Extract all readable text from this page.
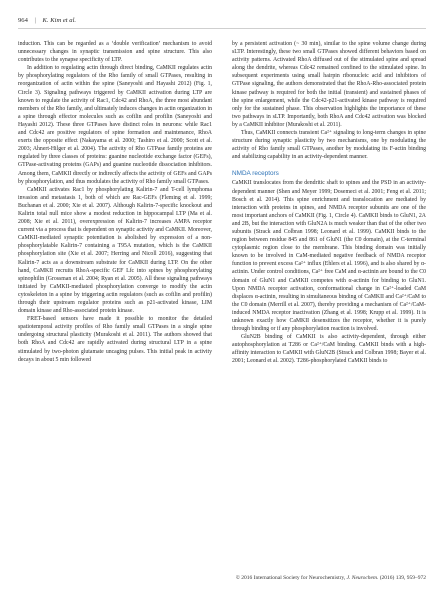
964 | K. Kim et al.

induction. This can be regarded as a ‘double verification’ mechanism to avoid unnecessary changes in synaptic transmission and spine structure. This also contributes to the synapse specificity of LTP.

In addition to regulating actin through direct binding, CaMKII regulates actin by phosphorylating regulators of the Rho family of small GTPases, resulting in reorganization of actin within the spine (Saneyoshi and Hayashi 2012) (Fig. 1, Circle 3). Signaling pathways triggered by CaMKII activation during LTP are known to regulate the activity of Rac1, Cdc42 and RhoA, the three most abundant members of the Rho family, and ultimately induces changes in actin organization in a spine through effector molecules such as cofilin and profilin (Saneyoshi and Hayashi 2012). These three GTPases have distinct roles in neurons: while Rac1 and Cdc42 are positive regulators of spine formation and maintenance, RhoA exerts the opposite effect (Nakayama et al. 2000; Tashiro et al. 2000; Scott et al. 2003; Ahnert-Hilger et al. 2004). The activity of Rho GTPase family proteins are regulated by three classes of proteins: guanine nucleotide exchange factor (GEFs), GTPase-activating proteins (GAPs) and guanine nucleotide dissociation inhibitors. Among them, CaMKII directly or indirectly affects the activity of GEFs and GAPs by phosphorylation, and thus modulates the activity of Rho family small GTPases.

CaMKII activates Rac1 by phosphorylating Kalirin-7 and T-cell lymphoma invasion and metastasis 1, both of which are Rac-GEFs (Fleming et al. 1999; Buchanan et al. 2000; Xie et al. 2007). Although Kalirin-7-specific knockout and Kalirin total null mice show a modest reduction in hippocampal LTP (Ma et al. 2008; Xie et al. 2011), overexpression of Kalirin-7 increases AMPA receptor current via a process that is dependent on synaptic activity and CaMKII. Moreover, CaMKII-mediated synaptic potentiation is abolished by expression of a non-phosphorylatable Kalirin-7 containing a T95A mutation, which is the CaMKII phosphorylation site (Xie et al. 2007; Herring and Nicoll 2016), suggesting that Kalirin-7 acts as a downstream substrate for CaMKII during LTP. On the other hand, CaMKII recruits RhoA-specific GEF Lfc into spines by phosphorylating spinophilin (Grossman et al. 2004; Ryan et al. 2005). All these signaling pathways initiated by CaMKII-mediated phosphorylation converge to modify the actin cytoskeleton in a spine by triggering actin regulators (such as cofilin and profilin) through their upstream regulator proteins such as p21-activated kinase, LIM domain kinase and Rho-associated protein kinase.

FRET-based sensors have made it possible to monitor the detailed spatiotemporal activity profiles of Rho family small GTPases in a single spine undergoing structural plasticity (Murakoshi et al. 2011). The authors showed that both RhoA and Cdc42 are rapidly activated during structural LTP in a spine stimulated by two-photon glutamate uncaging pulses. This initial peak in activity decays in about 5 min followed

by a persistent activation (~ 30 min), similar to the spine volume change during sLTP. Interestingly, these two small GTPases showed different behaviors based on activity patterns. Activated RhoA diffused out of the stimulated spine and spread along the dendrite, whereas Cdc42 remained confined to the stimulated spine. In subsequent experiments using small hairpin ribonucleic acid and inhibitors of GTPase signaling, the authors demonstrated that the RhoA-Rho-associated protein kinase pathway is required for both the initial (transient) and sustained phases of the spine enlargement, while the Cdc42-p21-activated kinase pathway is required only for the sustained phase. This observation highlights the importance of these two pathways in sLTP. Importantly, both RhoA and Cdc42 activation was blocked by a CaMKII inhibitor (Murakoshi et al. 2011).

Thus, CaMKII connects transient Ca²⁺ signaling to long-term changes in spine structure during synaptic plasticity by two mechanisms, one by modulating the activity of Rho family small GTPases, another by modulating its F-actin binding and stabilizing capability in an activity-dependent manner.

NMDA receptors

CaMKII translocates from the dendritic shaft to spines and the PSD in an activity-dependent manner (Shen and Meyer 1999; Dosemeci et al. 2001; Feng et al. 2011; Bosch et al. 2014). This spine enrichment and translocation are mediated by interaction with proteins in spines, and NMDA receptor subunits are one of the most important anchors of CaMKII (Fig. 1, Circle 4). CaMKII binds to GluN1, 2A and 2B, but the interaction with GluN2A is much weaker than that of the other two subunits (Strack and Colbran 1998; Leonard et al. 1999). CaMKII binds to the region between residue 845 and 861 of GluN1 (the C0 domain), at the C-terminal cytoplasmic region close to the membrane. This binding domain was initially known to be involved in CaM-mediated negative feedback of NMDA receptor function to prevent excess Ca²⁺ influx (Ehlers et al. 1996), and is also shared by α-actinin. Under control conditions, Ca²⁺ free CaM and α-actinin are bound to the C0 domain of GluN1 and CaMKII competes with α-actinin for binding to GluN1. Upon NMDA receptor activation, conformational change in Ca²⁺-loaded CaM displaces α-actinin, resulting in simultaneous binding of CaMKII and Ca²⁺/CaM to the C0 domain (Merrill et al. 2007), thereby providing a mechanism of Ca²⁺/CaM-induced NMDA receptor inactivation (Zhang et al. 1998; Krupp et al. 1999). It is unknown exactly how CaMKII desensitizes the receptor, whether it is purely through binding or if any phosphorylation reaction is involved.

GluN2B binding of CaMKII is also activity-dependent, through either autophosphorylation at T286 or Ca²⁺/CaM binding. CaMKII binds with a high-affinity interaction to CaMKII with GluN2B (Strack and Colbran 1998; Bayer et al. 2001; Leonard et al. 2002). T286-phosphorylated CaMKII binds to

© 2016 International Society for Neurochemistry, J. Neurochem. (2016) 139, 959–972
